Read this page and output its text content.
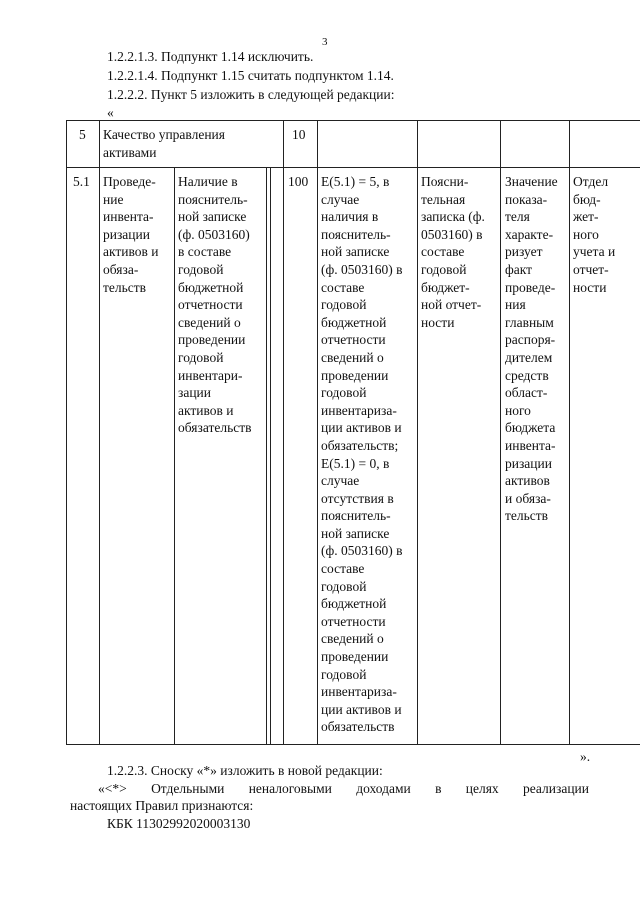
3
1.2.2.1.3. Подпункт 1.14 исключить.
1.2.2.1.4. Подпункт 1.15 считать подпунктом 1.14.
1.2.2.2. Пункт 5 изложить в следующей редакции:
«
5 Качество управления
активами
10
5.1 Проведе-
ние
инвента-
ризации
активов и
обяза-
тельств
Наличие в
пояснитель-
ной записке
(ф. 0503160)
в составе
годовой
бюджетной
отчетности
сведений о
проведении
годовой
инвентари-
зации
активов и
обязательств
100 E(5.1) = 5, в
случае
наличия в
пояснитель-
ной записке
(ф. 0503160) в
составе
годовой
бюджетной
отчетности
сведений о
проведении
годовой
инвентаризa-
ции активов и
обязательств;
E(5.1) = 0, в
случае
отсутствия в
пояснитель-
ной записке
(ф. 0503160) в
составе
годовой
бюджетной
отчетности
сведений о
проведении
годовой
инвентаризa-
ции активов и
обязательств
Поясни-
тельная
записка (ф.
0503160) в
составе
годовой
бюджет-
ной отчет-
ности
Значение
показа-
теля
характе-
ризует
факт
проведе-
ния
главным
распоря-
дителем
средств
област-
ного
бюджета
инвента-
ризации
активов
и обяза-
тельств
Отдел
бюд-
жет-
ного
учета и
отчет-
ности
».
1.2.2.3. Сноску «*» изложить в новой редакции:
«<*> Отдельными неналоговыми доходами в целях реализации
настоящих Правил признаются:
КБК 11302992020003130
